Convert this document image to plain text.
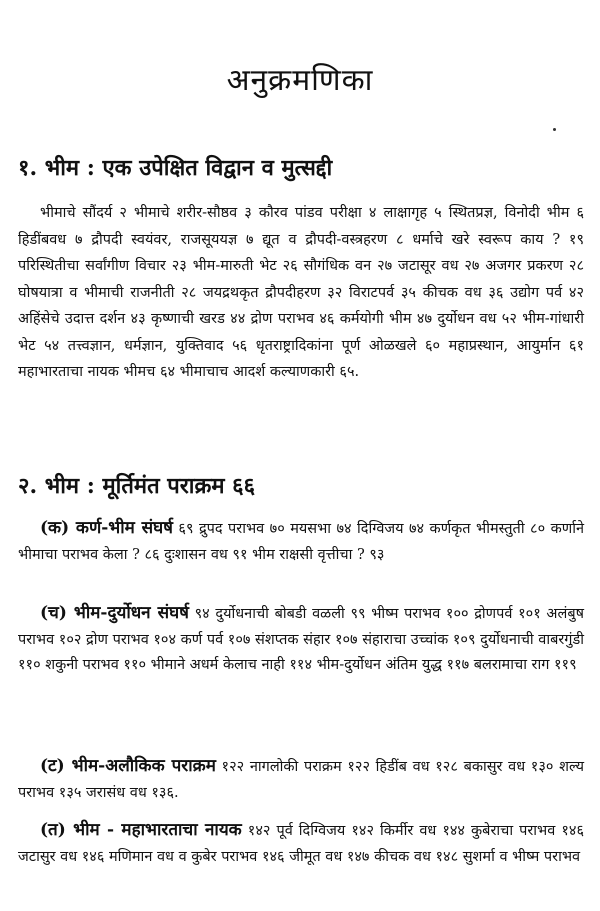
अनुक्रमणिका
१. भीम : एक उपेक्षित विद्वान व मुत्सद्दी

भीमाचे सौंदर्य २ भीमाचे शरीर-सौष्ठव ३ कौरव पांडव परीक्षा ४ लाक्षागृह ५ स्थितप्रज्ञ, विनोदी भीम ६ हिडींबवध ७ द्रौपदी स्वयंवर, राजसूययज्ञ ७ द्यूत व द्रौपदी-वस्त्रहरण ८ धर्माचे खरे स्वरूप काय ? १९ परिस्थितीचा सर्वांगीण विचार २३ भीम-मारुती भेट २६ सौगंधिक वन २७ जटासूर वध २७ अजगर प्रकरण २८ घोषयात्रा व भीमाची राजनीती २८ जयद्रथकृत द्रौपदीहरण ३२ विराटपर्व ३५ कीचक वध ३६ उद्योग पर्व ४२ अहिंसेचे उदात्त दर्शन ४३ कृष्णाची खरड ४४ द्रोण पराभव ४६ कर्मयोगी भीम ४७ दुर्योधन वध ५२ भीम-गांधारी भेट ५४ तत्त्वज्ञान, धर्मज्ञान, युक्तिवाद ५६ धृतराष्ट्रादिकांना पूर्ण ओळखले ६० महाप्रस्थान, आयुर्मान ६१ महाभारताचा नायक भीमच ६४ भीमाचाच आदर्श कल्याणकारी ६५.

२. भीम : मूर्तिमंत पराक्रम ६६
(क) कर्ण-भीम संघर्ष ६९ द्रुपद पराभव ७० मयसभा ७४ दिग्विजय ७४ कर्णकृत भीमस्तुती ८० कर्णाने भीमाचा पराभव केला ? ८६ दुःशासन वध ९१ भीम राक्षसी वृत्तीचा ? ९३
(च) भीम-दुर्योधन संघर्ष ९४ दुर्योधनाची बोबडी वळली ९९ भीष्म पराभव १०० द्रोणपर्व १०१ अलंबुष पराभव १०२ द्रोण पराभव १०४ कर्ण पर्व १०७ संशप्तक संहार १०७ संहाराचा उच्चांक १०९ दुर्योधनाची वाबरगुंडी ११० शकुनी पराभव ११० भीमाने अधर्म केलाच नाही ११४ भीम-दुर्योधन अंतिम युद्ध ११७ बलरामाचा राग ११९
(ट) भीम-अलौकिक पराक्रम १२२ नागलोकी पराक्रम १२२ हिडींब वध १२८ बकासुर वध १३० शल्य पराभव १३५ जरासंध वध १३६.
(त) भीम - महाभारताचा नायक १४२ पूर्व दिग्विजय १४२ किर्मीर वध १४४ कुबेराचा पराभव १४६ जटासुर वध १४६ मणिमान वध व कुबेर पराभव १४६ जीमूत वध १४७ कीचक वध १४८ सुशर्मा व भीष्म पराभव
